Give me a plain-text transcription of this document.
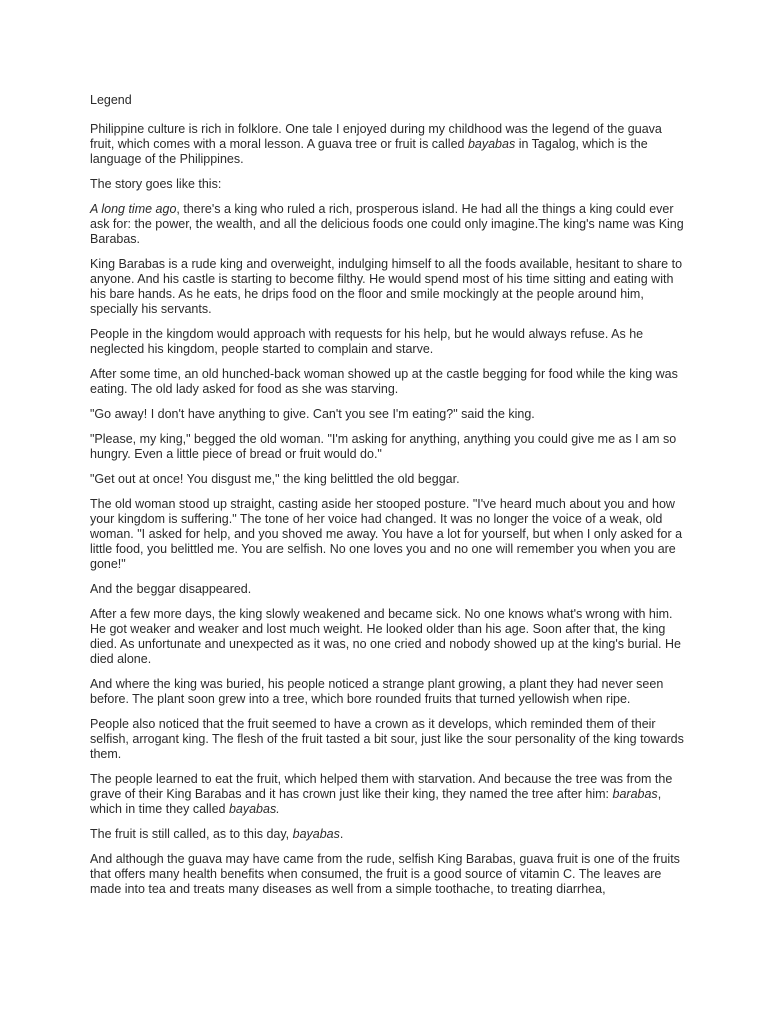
Legend

Philippine culture is rich in folklore. One tale I enjoyed during my childhood was the legend of the guava fruit, which comes with a moral lesson. A guava tree or fruit is called bayabas in Tagalog, which is the language of the Philippines.

The story goes like this:

A long time ago, there's a king who ruled a rich, prosperous island. He had all the things a king could ever ask for: the power, the wealth, and all the delicious foods one could only imagine.The king's name was King Barabas.

King Barabas is a rude king and overweight, indulging himself to all the foods available, hesitant to share to anyone. And his castle is starting to become filthy. He would spend most of his time sitting and eating with his bare hands. As he eats, he drips food on the floor and smile mockingly at the people around him, specially his servants.

People in the kingdom would approach with requests for his help, but he would always refuse. As he neglected his kingdom, people started to complain and starve.

After some time, an old hunched-back woman showed up at the castle begging for food while the king was eating. The old lady asked for food as she was starving.

"Go away! I don't have anything to give. Can't you see I'm eating?" said the king.

"Please, my king," begged the old woman. "I'm asking for anything, anything you could give me as I am so hungry. Even a little piece of bread or fruit would do."

"Get out at once! You disgust me," the king belittled the old beggar.

The old woman stood up straight, casting aside her stooped posture. "I've heard much about you and how your kingdom is suffering." The tone of her voice had changed. It was no longer the voice of a weak, old woman. "I asked for help, and you shoved me away. You have a lot for yourself, but when I only asked for a little food, you belittled me. You are selfish. No one loves you and no one will remember you when you are gone!"

And the beggar disappeared.

After a few more days, the king slowly weakened and became sick. No one knows what's wrong with him. He got weaker and weaker and lost much weight. He looked older than his age. Soon after that, the king died. As unfortunate and unexpected as it was, no one cried and nobody showed up at the king's burial. He died alone.

And where the king was buried, his people noticed a strange plant growing, a plant they had never seen before. The plant soon grew into a tree, which bore rounded fruits that turned yellowish when ripe.

People also noticed that the fruit seemed to have a crown as it develops, which reminded them of their selfish, arrogant king. The flesh of the fruit tasted a bit sour, just like the sour personality of the king towards them.

The people learned to eat the fruit, which helped them with starvation. And because the tree was from the grave of their King Barabas and it has crown just like their king, they named the tree after him: barabas, which in time they called bayabas.

The fruit is still called, as to this day, bayabas.

And although the guava may have came from the rude, selfish King Barabas, guava fruit is one of the fruits that offers many health benefits when consumed, the fruit is a good source of vitamin C. The leaves are made into tea and treats many diseases as well from a simple toothache, to treating diarrhea,
